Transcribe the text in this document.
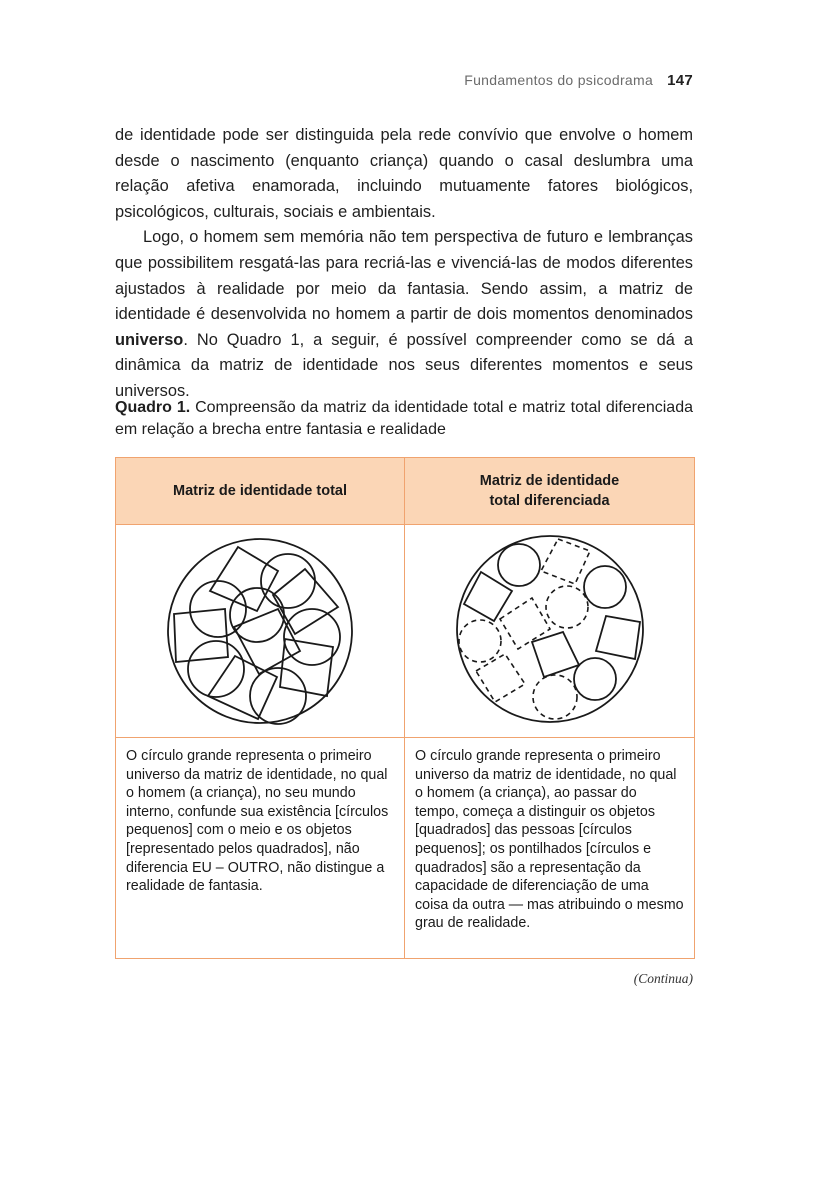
Fundamentos do psicodrama 147

de identidade pode ser distinguida pela rede convívio que envolve o homem desde o nascimento (enquanto criança) quando o casal deslumbra uma relação afetiva enamorada, incluindo mutuamente fatores biológicos, psicológicos, culturais, sociais e ambientais.

Logo, o homem sem memória não tem perspectiva de futuro e lembranças que possibilitem resgatá-las para recriá-las e vivenciá-las de modos diferentes ajustados à realidade por meio da fantasia. Sendo assim, a matriz de identidade é desenvolvida no homem a partir de dois momentos denominados universo. No Quadro 1, a seguir, é possível compreender como se dá a dinâmica da matriz de identidade nos seus diferentes momentos e seus universos.

Quadro 1. Compreensão da matriz da identidade total e matriz total diferenciada em relação a brecha entre fantasia e realidade
Matriz de identidade total	Matriz de identidade
total diferenciada

O círculo grande representa o primeiro universo da matriz de identidade, no qual o homem (a criança), no seu mundo interno, confunde sua existência [círculos pequenos] com o meio e os objetos [representado pelos quadrados], não diferencia EU – OUTRO, não distingue a realidade de fantasia.	O círculo grande representa o primeiro universo da matriz de identidade, no qual o homem (a criança), ao passar do tempo, começa a distinguir os objetos [quadrados] das pessoas [círculos pequenos]; os pontilhados [círculos e quadrados] são a representação da capacidade de diferenciação de uma coisa da outra — mas atribuindo o mesmo grau de realidade.
(Continua)
